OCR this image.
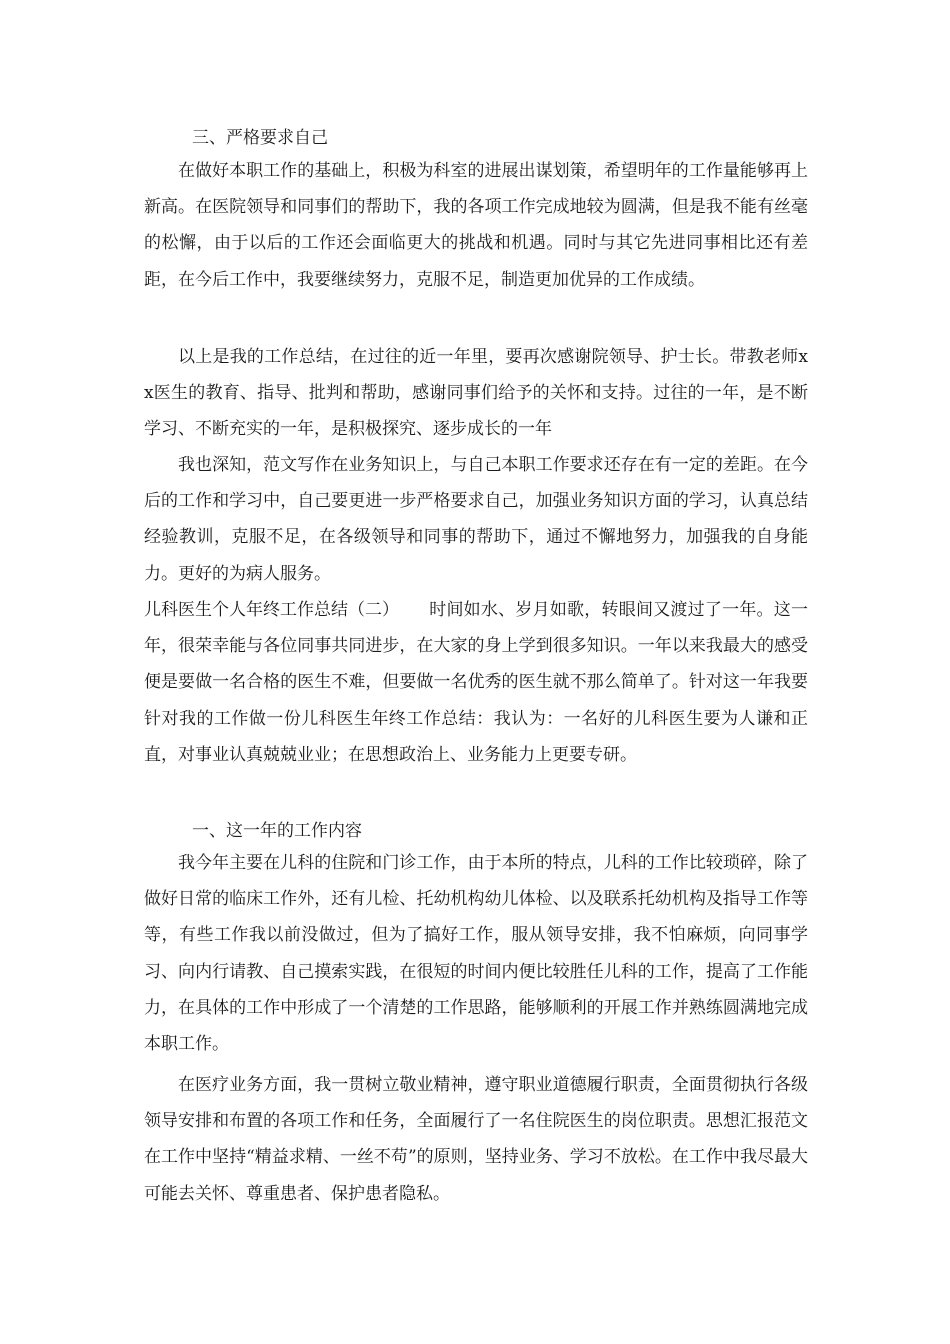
三、严格要求自己

在做好本职工作的基础上，积极为科室的进展出谋划策，希望明年的工作量能够再上新高。在医院领导和同事们的帮助下，我的各项工作完成地较为圆满，但是我不能有丝毫的松懈，由于以后的工作还会面临更大的挑战和机遇。同时与其它先进同事相比还有差距，在今后工作中，我要继续努力，克服不足，制造更加优异的工作成绩。

以上是我的工作总结，在过往的近一年里，要再次感谢院领导、护士长。带教老师xx医生的教育、指导、批判和帮助，感谢同事们给予的关怀和支持。过往的一年，是不断学习、不断充实的一年，是积极探究、逐步成长的一年

我也深知，范文写作在业务知识上，与自己本职工作要求还存在有一定的差距。在今后的工作和学习中，自己要更进一步严格要求自己，加强业务知识方面的学习，认真总结经验教训，克服不足，在各级领导和同事的帮助下，通过不懈地努力，加强我的自身能力。更好的为病人服务。

儿科医生个人年终工作总结（二） 时间如水、岁月如歌，转眼间又渡过了一年。这一年，很荣幸能与各位同事共同进步，在大家的身上学到很多知识。一年以来我最大的感受便是要做一名合格的医生不难，但要做一名优秀的医生就不那么简单了。针对这一年我要针对我的工作做一份儿科医生年终工作总结：我认为：一名好的儿科医生要为人谦和正直，对事业认真兢兢业业；在思想政治上、业务能力上更要专研。

一、这一年的工作内容

我今年主要在儿科的住院和门诊工作，由于本所的特点，儿科的工作比较琐碎，除了做好日常的临床工作外，还有儿检、托幼机构幼儿体检、以及联系托幼机构及指导工作等等，有些工作我以前没做过，但为了搞好工作，服从领导安排，我不怕麻烦，向同事学习、向内行请教、自己摸索实践，在很短的时间内便比较胜任儿科的工作，提高了工作能力，在具体的工作中形成了一个清楚的工作思路，能够顺利的开展工作并熟练圆满地完成本职工作。

在医疗业务方面，我一贯树立敬业精神，遵守职业道德履行职责，全面贯彻执行各级领导安排和布置的各项工作和任务，全面履行了一名住院医生的岗位职责。思想汇报范文在工作中坚持“精益求精、一丝不苟”的原则，坚持业务、学习不放松。在工作中我尽最大可能去关怀、尊重患者、保护患者隐私。
